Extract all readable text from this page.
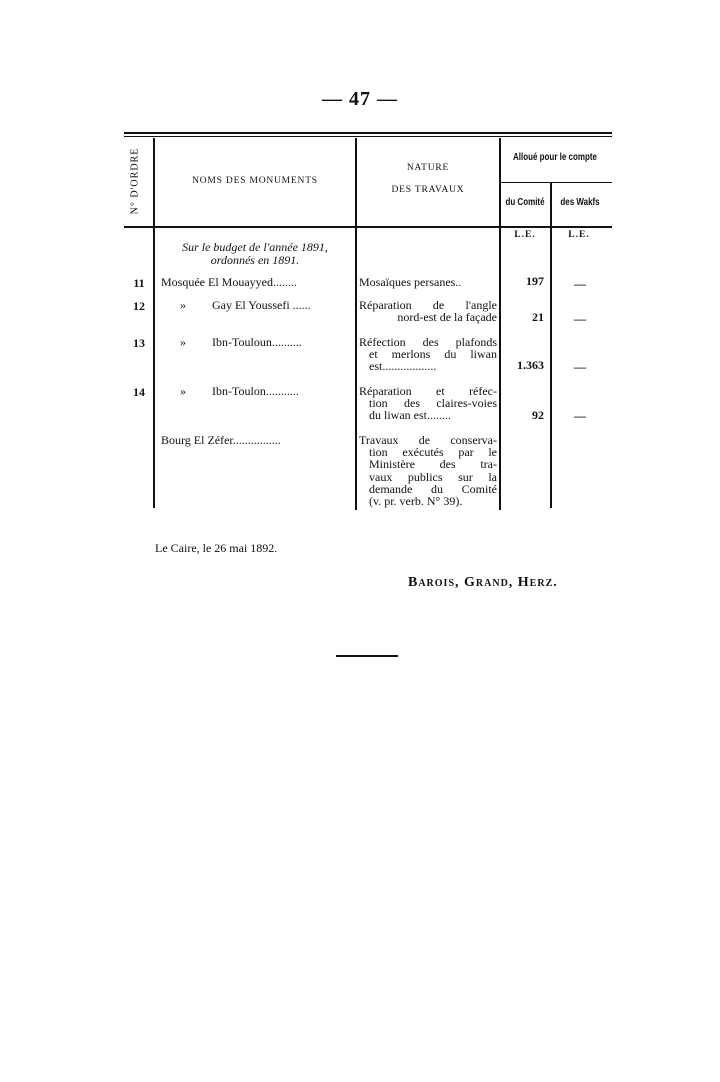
— 47 —
N° D'ORDRE	NOMS DES MONUMENTS
NATURE
DES TRAVAUX
Alloué pour le compte
du Comité	des Wakfs
L.E.	L.E.
Sur le budget de l'année 1891,
ordonnés en 1891.
11	Mosquée El Mouayyed........	Mosaïques persanes..	197	—
12	»	Gay El Youssefi ......	Réparation de l'angle
nord-est de la façade	21	—
13	»	Ibn-Touloun..........	Réfection des plafonds
et merlons du liwan
est..................	1.363	—
14	»	Ibn-Toulon...........	Réparation et réfec-
tion des claires-voies
du liwan est........	92	—
Bourg El Zéfer................	Travaux de conserva-
tion exécutés par le
Ministère des tra-
vaux publics sur la
demande du Comité
(v. pr. verb. N° 39).
Le Caire, le 26 mai 1892.
Barois, Grand, Herz.
